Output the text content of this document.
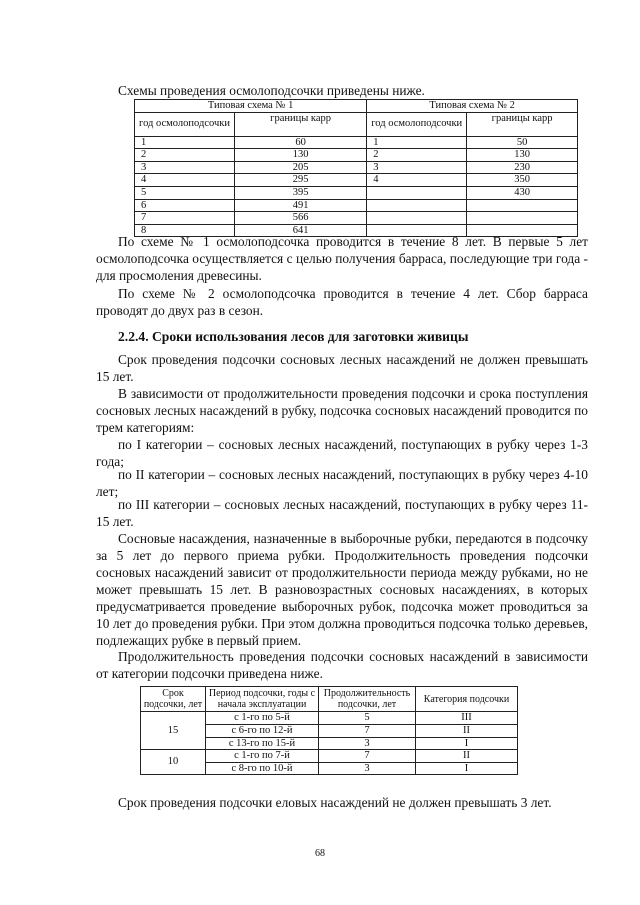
Схемы проведения осмолоподсочки приведены ниже.
Типовая схема № 1		Типовая схема № 2	
год осмолоподсочки	границы карр	год осмолоподсочки	границы карр
1	60	1	50
2	130	2	130
3	205	3	230
4	295	4	350
5	395		430
6	491		
7	566		
8	641		

По схеме № 1 осмолоподсочка проводится в течение 8 лет. В первые 5 лет осмолоподсочка осуществляется с целью получения барраса, последующие три года - для просмоления древесины.

По схеме № 2 осмолоподсочка проводится в течение 4 лет. Сбор барраса проводят до двух раз в сезон.

2.2.4. Сроки использования лесов для заготовки живицы

Срок проведения подсочки сосновых лесных насаждений не должен превышать 15 лет.

В зависимости от продолжительности проведения подсочки и срока поступления сосновых лесных насаждений в рубку, подсочка сосновых насаждений проводится по трем категориям:

по I категории – сосновых лесных насаждений, поступающих в рубку через 1-3 года;

по II категории – сосновых лесных насаждений, поступающих в рубку через 4-10 лет;

по III категории – сосновых лесных насаждений, поступающих в рубку через 11-15 лет.

Сосновые насаждения, назначенные в выборочные рубки, передаются в подсочку за 5 лет до первого приема рубки. Продолжительность проведения подсочки сосновых насаждений зависит от продолжительности периода между рубками, но не может превышать 15 лет. В разновозрастных сосновых насаждениях, в которых предусматривается проведение выборочных рубок, подсочка может проводиться за 10 лет до проведения рубки. При этом должна проводиться подсочка только деревьев, подлежащих рубке в первый прием.

Продолжительность проведения подсочки сосновых насаждений в зависимости от категории подсочки приведена ниже.

Срок подсочки, лет	Период подсочки, годы с начала эксплуатации	Продолжительность подсочки, лет	Категория подсочки
15	с 1-го по 5-й	5	III
	с 6-го по 12-й	7	II
	с 13-го по 15-й	3	I
10	с 1-го по 7-й	7	II
	с 8-го по 10-й	3	I

Срок проведения подсочки еловых насаждений не должен превышать 3 лет.

68
